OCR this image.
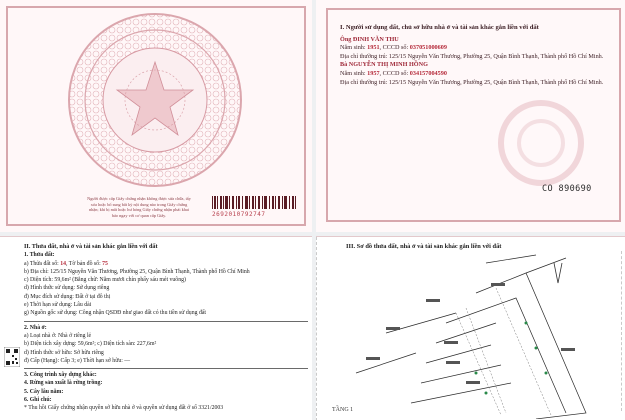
Người được cấp Giấy chứng nhận không được sửa chữa, tẩy xóa hoặc bổ sung bất kỳ nội dung nào trong Giấy chứng nhận; khi bị mất hoặc hư hỏng Giấy chứng nhận phải khai báo ngay với cơ quan cấp Giấy.	2692010792747
I. Người sử dụng đất, chủ sở hữu nhà ở và tài sản khác gắn liền với đất
Ông ĐINH VĂN THU
Năm sinh: 1951, CCCD số: 037051000609
Địa chỉ thường trú: 125/15 Nguyễn Văn Thương, Phường 25, Quận Bình Thạnh, Thành phố Hồ Chí Minh.
Bà NGUYỄN THỊ MINH HỒNG
Năm sinh: 1957, CCCD số: 034157004590
Địa chỉ thường trú: 125/15 Nguyễn Văn Thương, Phường 25, Quận Bình Thạnh, Thành phố Hồ Chí Minh.
CO 890690
II. Thửa đất, nhà ở và tài sản khác gắn liền với đất
1. Thửa đất:
a) Thửa đất số: 14, Tờ bản đồ số: 75
b) Địa chỉ: 125/15 Nguyễn Văn Thương, Phường 25, Quận Bình Thạnh, Thành phố Hồ Chí Minh
c) Diện tích: 59,6m² (Bằng chữ: Năm mươi chín phẩy sáu mét vuông)
d) Hình thức sử dụng: Sử dụng riêng
đ) Mục đích sử dụng: Đất ở tại đô thị
e) Thời hạn sử dụng: Lâu dài
g) Nguồn gốc sử dụng: Công nhận QSDĐ như giao đất có thu tiền sử dụng đất
2. Nhà ở:
a) Loại nhà ở: Nhà ở riêng lẻ
b) Diện tích xây dựng: 59,6m²; c) Diện tích sàn: 227,6m²
d) Hình thức sở hữu: Sở hữu riêng
đ) Cấp (Hạng): Cấp 3; e) Thời hạn sở hữu: —
3. Công trình xây dựng khác:
4. Rừng sản xuất là rừng trồng:
5. Cây lâu năm:
6. Ghi chú:
* Thu hồi Giấy chứng nhận quyền sở hữu nhà ở và quyền sử dụng đất ở số 3321/2003
III. Sơ đồ thửa đất, nhà ở và tài sản khác gắn liền với đất
TẦNG 1
